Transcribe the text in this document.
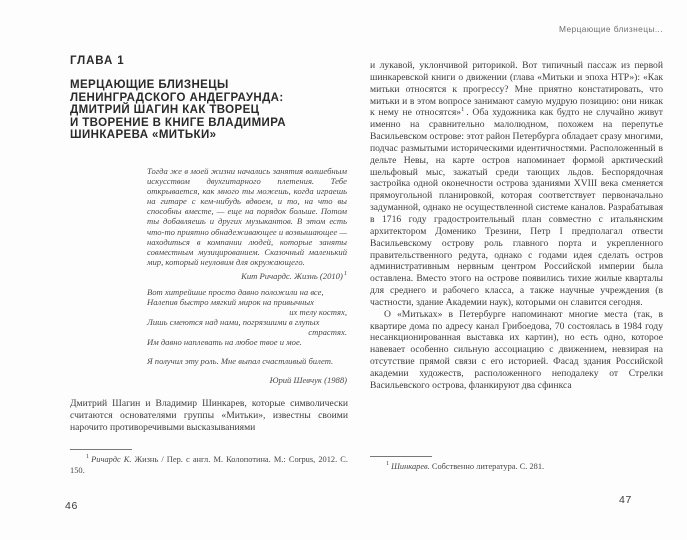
ГЛАВА 1
МЕРЦАЮЩИЕ БЛИЗНЕЦЫ
ЛЕНИНГРАДСКОГО АНДЕГРАУНДА:
ДМИТРИЙ ШАГИН КАК ТВОРЕЦ
И ТВОРЕНИЕ В КНИГЕ ВЛАДИМИРА
ШИНКАРЕВА «МИТЬКИ»

Тогда же в моей жизни начались занятия волшебным искусством двухгитарного плетения. Тебе открывается, как много ты можешь, когда играешь на гитаре с кем-нибудь вдвоем, и то, на что вы способны вместе, — еще на порядок больше. Потом ты добавляешь и других музыкантов. В этом есть что-то приятно обнадеживающее и возвышающее — находиться в компании людей, которые заняты совместным музицированием. Сказочный маленький мир, который неуловим для окружающего.

Кит Ричардс. Жизнь $(2010)^1$
Вот хитрейшие просто давно положили на все,
Налепив быстро мягкий мирок на привычных
их телу костях,
Лишь смеются над нами, погрязшими в глупых
страстях.
Им давно наплевать на любое твое и мое.
Я получил эту роль. Мне выпал счастливый билет.
Юрий Шевчук (1988)
Дмитрий Шагин и Владимир Шинкарев, которые символически считаются основателями группы «Митьки», известны своими нарочито противоречивыми высказываниями

$^1$ Ричардс К. Жизнь / Пер. с англ. М. Колопотина. М.: Corpus, 2012. С. 150.

46
Мерцающие близнецы...

и лукавой, уклончивой риторикой. Вот типичный пассаж из первой шинкаревской книги о движении (глава «Митьки и эпоха НТР»): «Как митьки относятся к прогрессу? Мне приятно констатировать, что митьки и в этом вопросе занимают самую мудрую позицию: они никак к нему не относятся»$^1$ . Оба художника как будто не случайно живут именно на сравнительно малолюдном, похожем на перепутье Васильевском острове: этот район Петербурга обладает сразу многими, подчас размытыми историческими идентичностями. Расположенный в дельте Невы, на карте остров напоминает формой арктический шельфовый мыс, зажатый среди тающих льдов. Беспорядочная застройка одной оконечности острова зданиями XVIII века сменяется прямоугольной планировкой, которая соответствует первоначально задуманной, однако не осуществленной системе каналов. Разрабатывая в 1716 году градостроительный план совместно с итальянским архитектором Доменико Трезини, Петр I предполагал отвести Васильевскому острову роль главного порта и укрепленного правительственного редута, однако с годами идея сделать остров административным нервным центром Российской империи была оставлена. Вместо этого на острове появились тихие жилые кварталы для среднего и рабочего класса, а также научные учреждения (в частности, здание Академии наук), которыми он славится сегодня.

О «Митьках» в Петербурге напоминают многие места (так, в квартире дома по адресу канал Грибоедова, 70 состоялась в 1984 году несанкционированная выставка их картин), но есть одно, которое навевает особенно сильную ассоциацию с движением, невзирая на отсутствие прямой связи с его историей. Фасад здания Российской академии художеств, расположенного неподалеку от Стрелки Васильевского острова, фланкируют два сфинкса

$^1$ Шинкарев. Собственно литература. С. 281.

47
